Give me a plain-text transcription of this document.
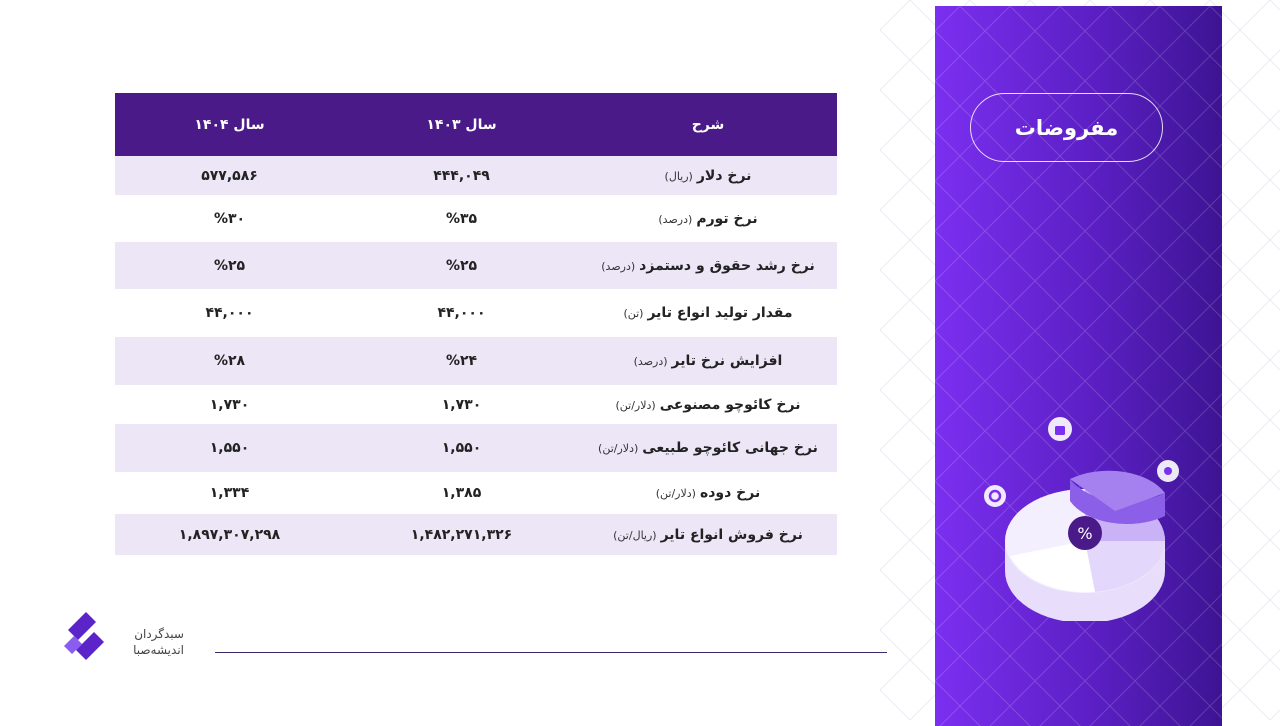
مفروضات
%
شرح	سال ۱۴۰۳	سال ۱۴۰۴
نرخ دلار(ریال)	۴۴۴,۰۴۹	۵۷۷,۵۸۶
نرخ تورم(درصد)	%۳۵	%۳۰
نرخ رشد حقوق و دستمزد(درصد)	%۲۵	%۲۵
مقدار تولید انواع تایر(تن)	۴۴,۰۰۰	۴۴,۰۰۰
افزایش نرخ تایر(درصد)	%۲۴	%۲۸
نرخ کائوچو مصنوعی(دلار/تن)	۱,۷۳۰	۱,۷۳۰
نرخ جهانی کائوچو طبیعی(دلار/تن)	۱,۵۵۰	۱,۵۵۰
نرخ دوده(دلار/تن)	۱,۳۸۵	۱,۳۳۴
نرخ فروش انواع تایر(ریال/تن)	۱,۴۸۲,۲۷۱,۳۲۶	۱,۸۹۷,۳۰۷,۲۹۸
سبدگردان
اندیشه‌صبا
